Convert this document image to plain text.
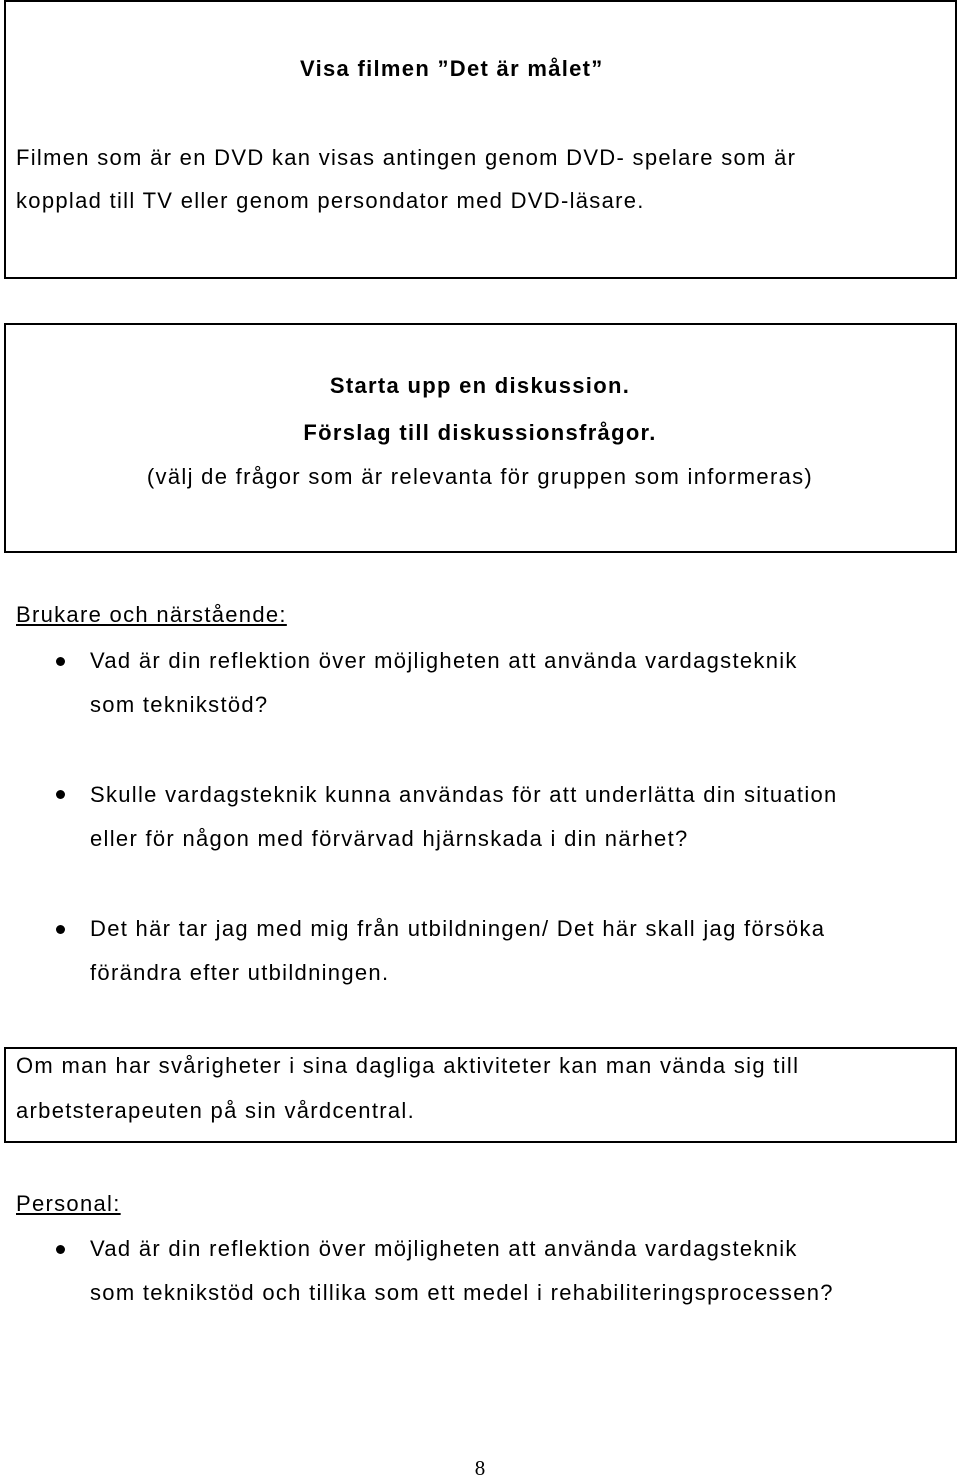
Visa filmen ”Det är målet”
Filmen som är en DVD kan visas antingen genom DVD- spelare som är
kopplad till TV eller genom persondator med DVD-läsare.
Starta upp en diskussion.
Förslag till diskussionsfrågor.
(välj de frågor som är relevanta för gruppen som informeras)
Brukare och närstående:
Vad är din reflektion över möjligheten att använda vardagsteknik
som teknikstöd?
Skulle vardagsteknik kunna användas för att underlätta din situation
eller för någon med förvärvad hjärnskada i din närhet?
Det här tar jag med mig från utbildningen/ Det här skall jag försöka
förändra efter utbildningen.
Om man har svårigheter i sina dagliga aktiviteter kan man vända sig till
arbetsterapeuten på sin vårdcentral.
Personal:
Vad är din reflektion över möjligheten att använda vardagsteknik
som teknikstöd och tillika som ett medel i rehabiliteringsprocessen?
8
